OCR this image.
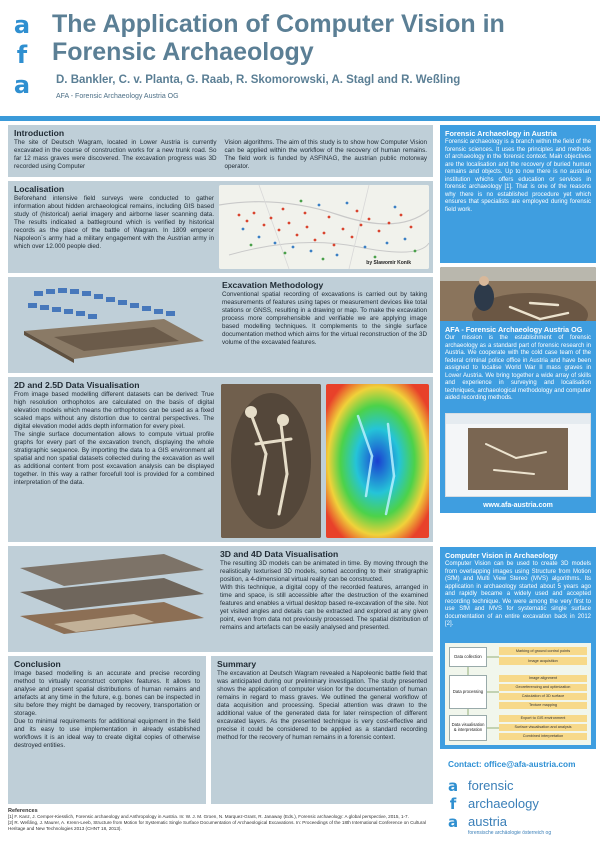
a
f
a
The Application of Computer Vision in Forensic Archaeology
D. Bankler, C. v. Planta, G. Raab, R. Skomorowski, A. Stagl and R. Weßling
AFA - Forensic Archaeology Austria OG
Introduction

The site of Deutsch Wagram, located in Lower Austria is currently excavated in the course of construction works for a new trunk road. So far 12 mass graves were discovered. The excavation progress was 3D recorded using Computer

Vision algorithms. The aim of this study is to show how Computer Vision can be applied within the workflow of the recovery of human remains. The field work is funded by ASFINAG, the austrian public motorway operator.

Localisation

Beforehand intensive field surveys were conducted to gather information about hidden archaeological remains, including GIS based study of (historical) aerial imagery and airborne laser scanning data. The results indicated a battleground which is verified by historical records as the place of the battle of Wagram. In 1809 emperor Napoleon´s army had a military engagement with the Austrian army in which over 12.000 people died.

by Slawomir Konik
Excavation Methodology

Conventional spatial recording of excavations is carried out by taking measurements of features using tapes or measurement devices like total stations or GNSS, resulting in a drawing or map. To make the excavation process more comprehensible and verifiable we are applying image based modelling techniques. It complements to the single surface documentation method which aims for the virtual reconstruction of the 3D volume of the excavated features.

2D and 2.5D Data Visualisation

From image based modelling different datasets can be derived: True high resolution orthophotos are calculated on the basis of digital elevation models which means the orthophotos can be used as a fixed scaled maps without any distortion due to central perspectives. The digital elevation model adds depth information for every pixel.

The single surface documentation allows to compute virtual profile graphs for every part of the excavation trench, displaying the whole stratigraphic sequence. By importing the data to a GIS environment all spatial and non spatial datasets collected during the excavation as well as additional content from post excavation analysis can be displayed together. In this way a rather forcefull tool is provided for a combined interpretation of the data.

3D and 4D Data Visualisation

The resulting 3D models can be animated in time. By moving through the realistically texturised 3D models, sorted according to their stratigraphic position, a 4-dimensional virtual reality can be constructed.

With this technique, a digital copy of the recorded features, arranged in time and space, is still accessible after the destruction of the examined features and enables a virtual desktop based re-excavation of the site. Not yet visited angles and details can be extracted and explored at any given point, even from data not previously processed. The spatial distribution of remains and artefacts can be easily analysed and presented.

Conclusion

Image based modelling is an accurate and precise recording method to virtually reconstruct complex features. It allows to analyse and present spatial distributions of human remains and artefacts at any time in the future, e.g. bones can be inspected in situ before they might be damaged by recovery, transportation or storage.

Due to minimal requirements for additional equipment in the field and its easy to use implementation in already established workflows it is an ideal way to create digital copies of otherwise destroyed entities.

Summary

The excavation at Deutsch Wagram revealed a Napoleonic battle field that was anticipated during our preliminary investigation. The study presented shows the application of computer vision for the documentation of human remains in regard to mass graves. We outlined the general workflow of data acquisition and processing. Special attention was drawn to the additional value of the generated data for later reinspection of different excavated layers. As the presented technique is very cost-effective and precise it could be considered to be applied as a standard recording method for the recovery of human remains in a forensic context.

References
[1] F. Kanz, J. Cemper-Kiesslich, Forensic archaeology and Anthropology in Austria. In: W. J. M. Groen, N. Marquez-Grant, R. Janaway (Eds.), Forensic archaeology: A global perspective, 2015, 1-7.
[2] R. Weßling, J. Maurer, A. Krenn-Leeb, Structure from Motion for Systematic Single Surface Documentation of Archaeological Excavations. In: Proceedings of the 18th International Conference on Cultural Heritage and New Technologies 2013 (CHNT 18, 2013).
Forensic Archaeology in Austria

Forensic archaeology is a branch within the field of the forensic sciences. It uses the principles and methods of archaeology in the forensic context. Main objectives are the localisation and the recovery of buried human remains and objects. Up to now there is no austrian institution whichs offers education or services in forensic archaeology [1]. That is one of the reasons why there is no established procedure yet which ensures that specialists are employed during forensic field work.

AFA - Forensic Archaeology Austria OG

Our mission is the establishment of forensic archaeology as a standard part of forensic research in Austria. We cooperate with the cold case team of the federal criminal police office in Austria and have been assigned to localise World War II mass graves in Lower Austria. We bring together a wide array of skills and experience in surveying and localisation techniques, archaeological methodology and computer aided recording methods.

www.afa-austria.com
Computer Vision in Archaeology

Computer Vision can be used to create 3D models from overlapping images using Structure from Motion (SfM) and Multi View Stereo (MVS) algorithms. Its application in archaeology started about 5 years ago and rapidly became a widely used and accepted recording technique. We were among the very first to use SfM and MVS for systematic single surface documentation of an entire excavation back in 2012 [2].

Data collection
Marking of ground control points
Image acquisition
Data processing
Image alignment
Georeferencing and optimization
Calculation of 3D surface
Texture mapping
Data visualisation & interpretation
Export to GIS environment
Surface visualisation and analysis
Combined interpretation
Contact: office@afa-austria.com
a
f
a
forensic
archaeology
austria
forensische archäologie österreich og
